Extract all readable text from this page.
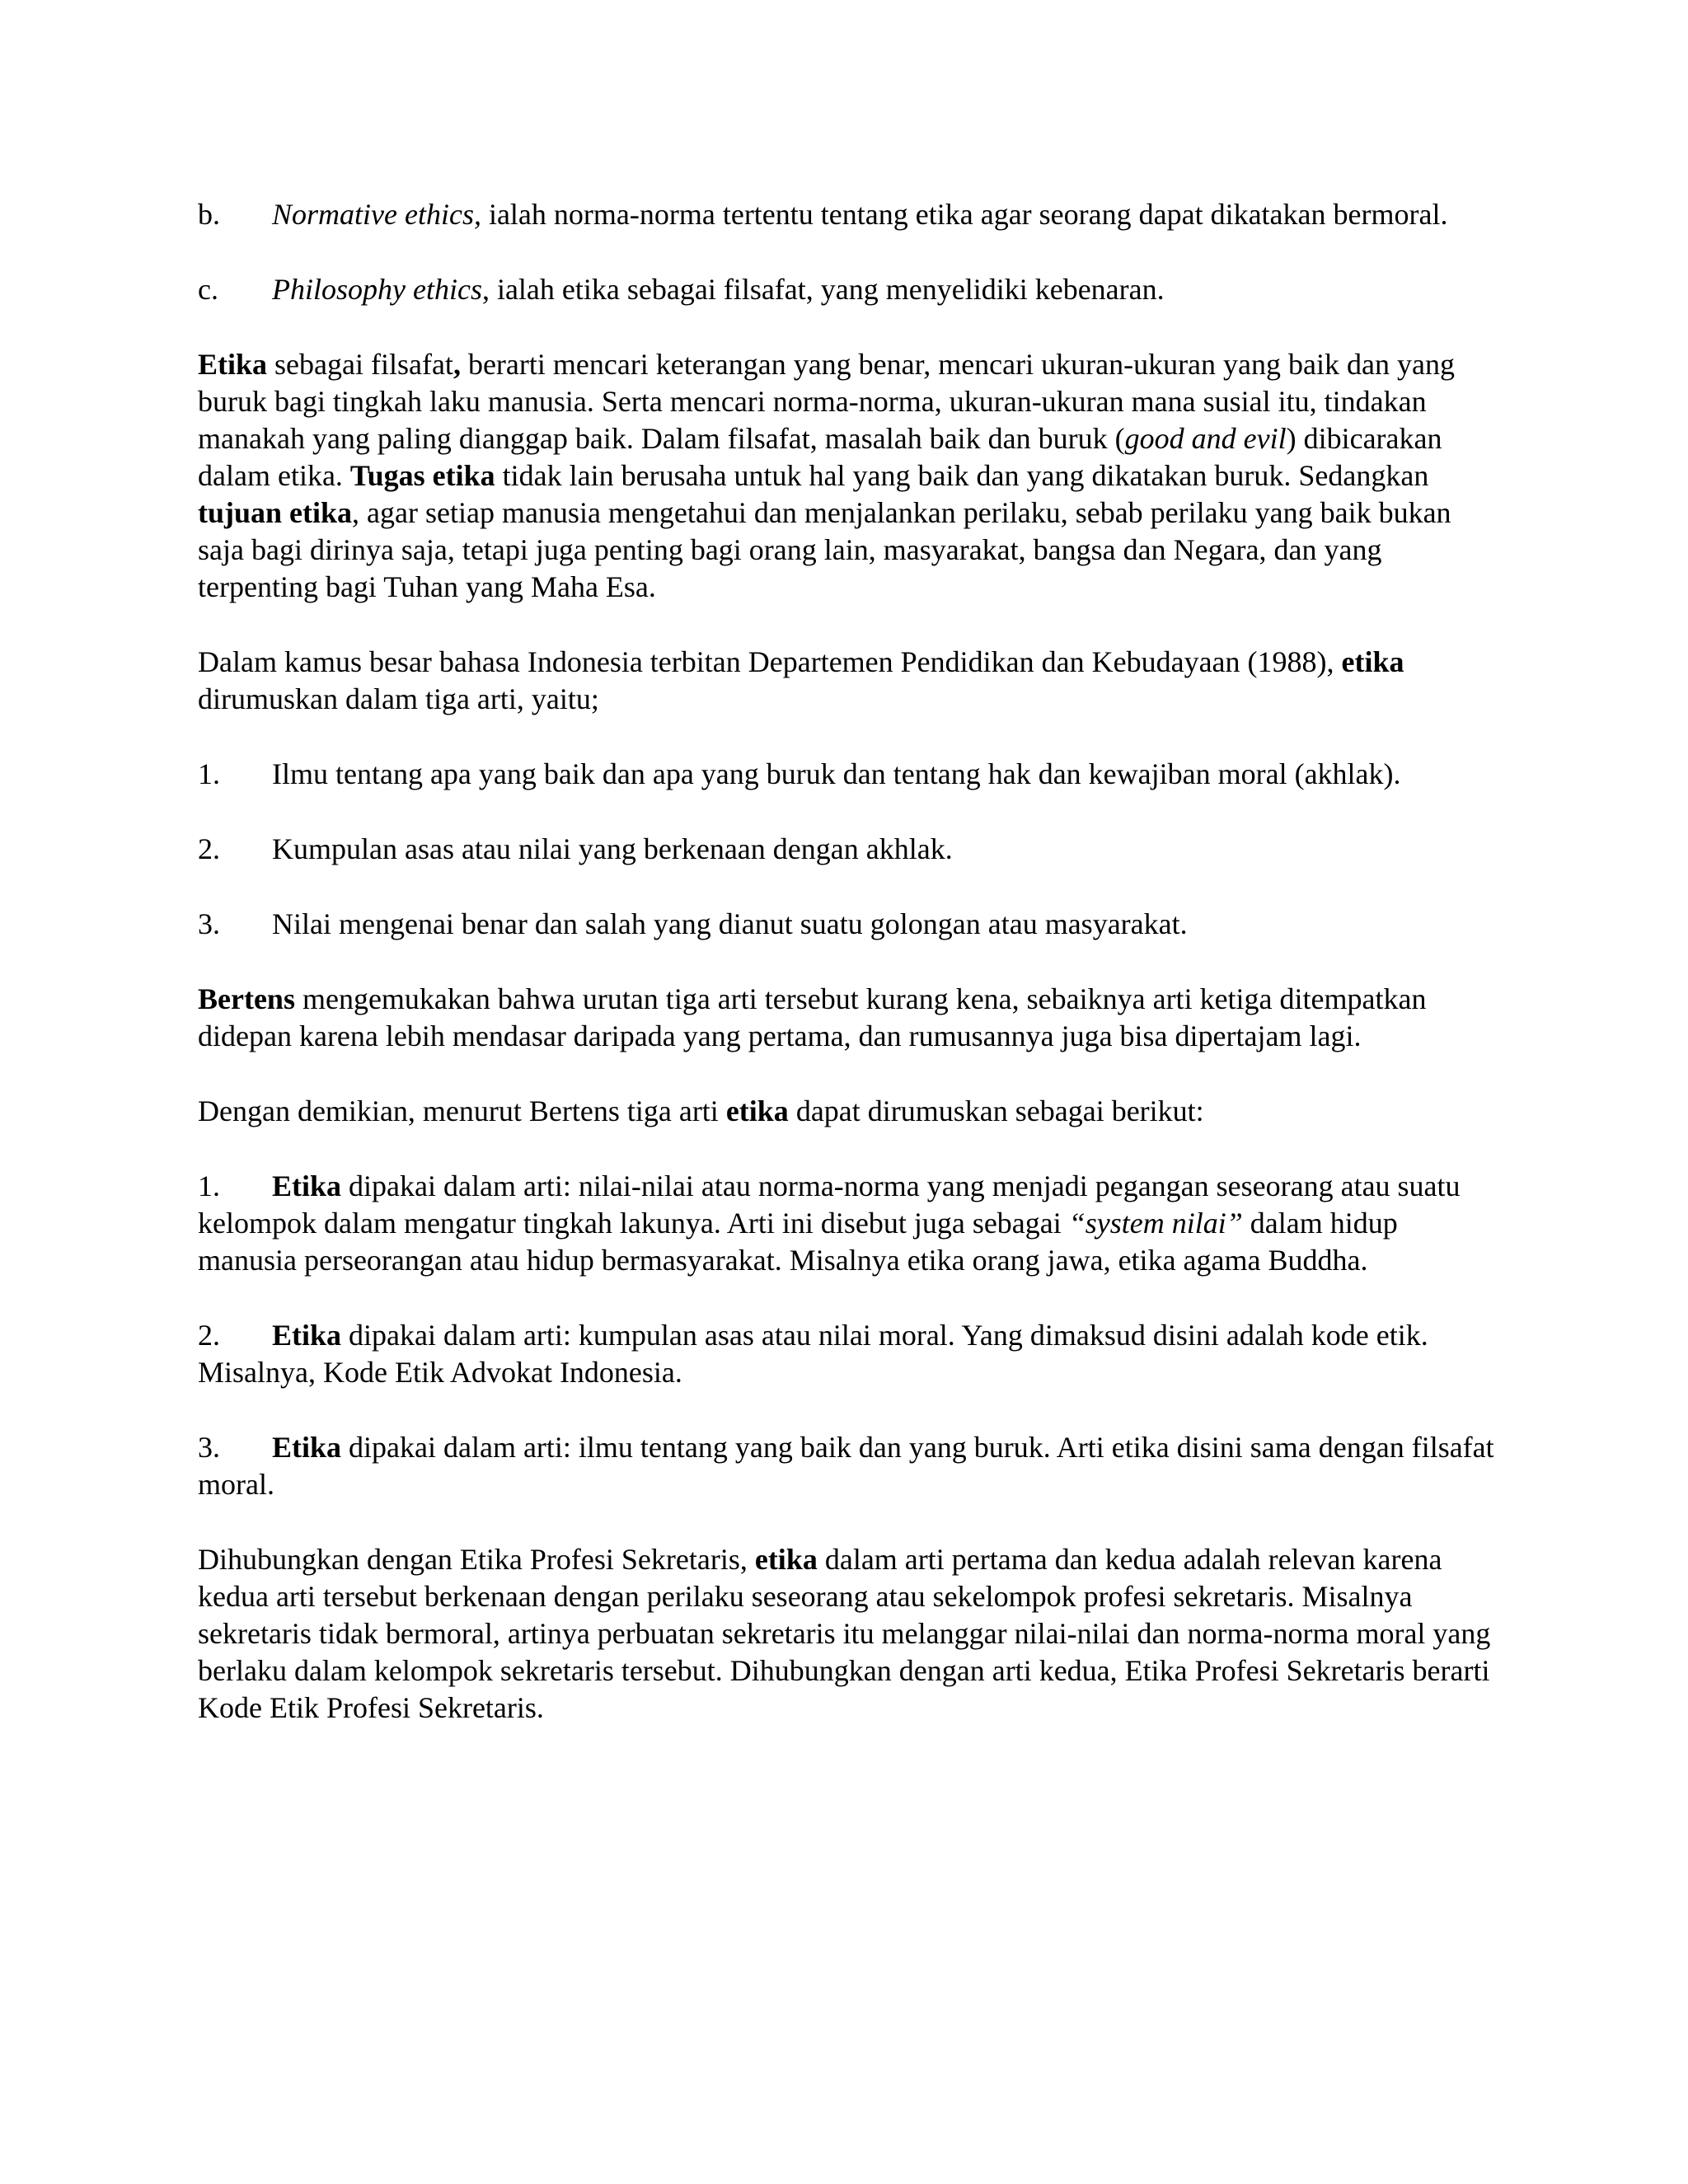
b. Normative ethics, ialah norma-norma tertentu tentang etika agar seorang dapat dikatakan bermoral.

c. Philosophy ethics, ialah etika sebagai filsafat, yang menyelidiki kebenaran.

Etika sebagai filsafat, berarti mencari keterangan yang benar, mencari ukuran-ukuran yang baik dan yang buruk bagi tingkah laku manusia. Serta mencari norma-norma, ukuran-ukuran mana susial itu, tindakan manakah yang paling dianggap baik. Dalam filsafat, masalah baik dan buruk (good and evil) dibicarakan dalam etika. Tugas etika tidak lain berusaha untuk hal yang baik dan yang dikatakan buruk. Sedangkan tujuan etika, agar setiap manusia mengetahui dan menjalankan perilaku, sebab perilaku yang baik bukan saja bagi dirinya saja, tetapi juga penting bagi orang lain, masyarakat, bangsa dan Negara, dan yang terpenting bagi Tuhan yang Maha Esa.

Dalam kamus besar bahasa Indonesia terbitan Departemen Pendidikan dan Kebudayaan (1988), etika dirumuskan dalam tiga arti, yaitu;

1. Ilmu tentang apa yang baik dan apa yang buruk dan tentang hak dan kewajiban moral (akhlak).

2. Kumpulan asas atau nilai yang berkenaan dengan akhlak.

3. Nilai mengenai benar dan salah yang dianut suatu golongan atau masyarakat.

Bertens mengemukakan bahwa urutan tiga arti tersebut kurang kena, sebaiknya arti ketiga ditempatkan didepan karena lebih mendasar daripada yang pertama, dan rumusannya juga bisa dipertajam lagi.

Dengan demikian, menurut Bertens tiga arti etika dapat dirumuskan sebagai berikut:

1. Etika dipakai dalam arti: nilai-nilai atau norma-norma yang menjadi pegangan seseorang atau suatu kelompok dalam mengatur tingkah lakunya. Arti ini disebut juga sebagai “system nilai” dalam hidup manusia perseorangan atau hidup bermasyarakat. Misalnya etika orang jawa, etika agama Buddha.

2. Etika dipakai dalam arti: kumpulan asas atau nilai moral. Yang dimaksud disini adalah kode etik. Misalnya, Kode Etik Advokat Indonesia.

3. Etika dipakai dalam arti: ilmu tentang yang baik dan yang buruk. Arti etika disini sama dengan filsafat moral.

Dihubungkan dengan Etika Profesi Sekretaris, etika dalam arti pertama dan kedua adalah relevan karena kedua arti tersebut berkenaan dengan perilaku seseorang atau sekelompok profesi sekretaris. Misalnya sekretaris tidak bermoral, artinya perbuatan sekretaris itu melanggar nilai-nilai dan norma-norma moral yang berlaku dalam kelompok sekretaris tersebut. Dihubungkan dengan arti kedua, Etika Profesi Sekretaris berarti Kode Etik Profesi Sekretaris.
